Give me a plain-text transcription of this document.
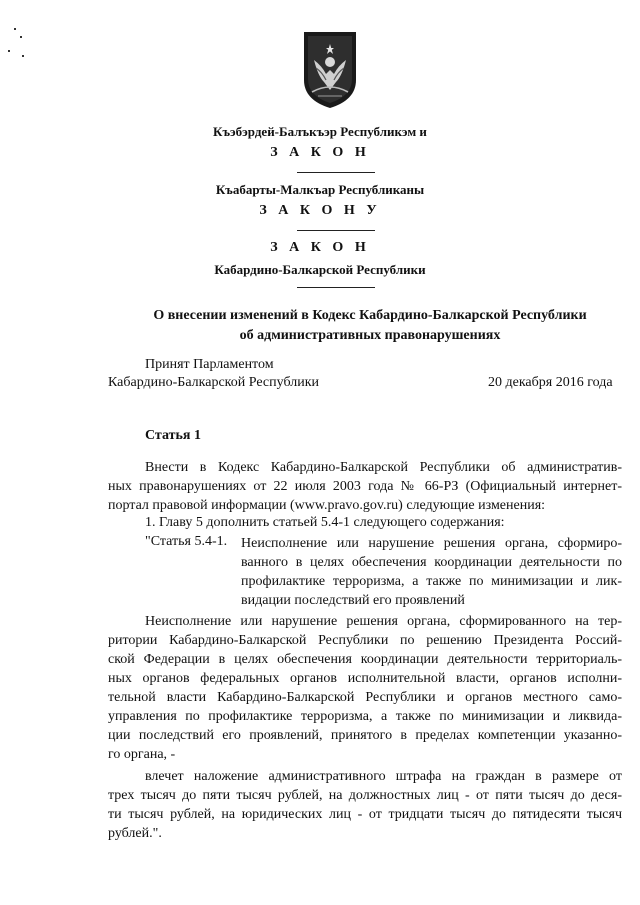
Къэбэрдей-Балъкъэр Республикэм и
З А К О Н
Къабарты-Малкъар Республиканы
З А К О Н У
З А К О Н
Кабардино-Балкарской Республики
О внесении изменений в Кодекс Кабардино-Балкарской Республики
об административных правонарушениях
Принят Парламентом
Кабардино-Балкарской Республики	20 декабря 2016 года
Статья 1
Внести в Кодекс Кабардино-Балкарской Республики об административ-
ных правонарушениях от 22 июля 2003 года № 66-РЗ (Официальный интернет-
портал правовой информации (www.pravo.gov.ru) следующие изменения:
1. Главу 5 дополнить статьей 5.4-1 следующего содержания:
"Статья 5.4-1. Неисполнение или нарушение решения органа, сформиро-
ванного в целях обеспечения координации деятельности по
профилактике терроризма, а также по минимизации и лик-
видации последствий его проявлений
Неисполнение или нарушение решения органа, сформированного на тер-
ритории Кабардино-Балкарской Республики по решению Президента Россий-
ской Федерации в целях обеспечения координации деятельности территориаль-
ных органов федеральных органов исполнительной власти, органов исполни-
тельной власти Кабардино-Балкарской Республики и органов местного само-
управления по профилактике терроризма, а также по минимизации и ликвида-
ции последствий его проявлений, принятого в пределах компетенции указанно-
го органа, -
влечет наложение административного штрафа на граждан в размере от
трех тысяч до пяти тысяч рублей, на должностных лиц - от пяти тысяч до деся-
ти тысяч рублей, на юридических лиц - от тридцати тысяч до пятидесяти тысяч
рублей.".
